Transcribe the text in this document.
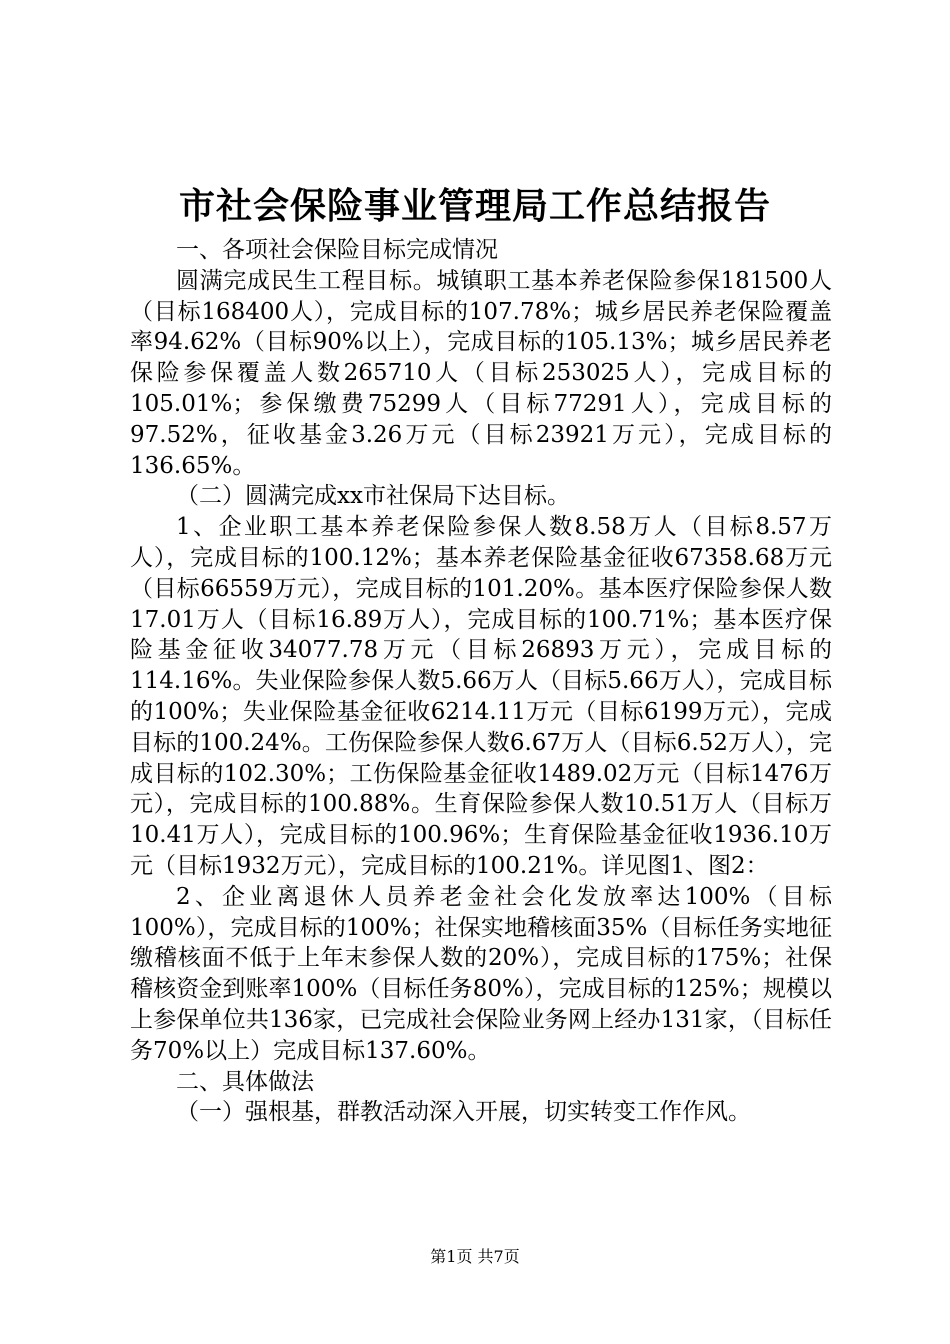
市社会保险事业管理局工作总结报告

一、各项社会保险目标完成情况

圆满完成民生工程目标。城镇职工基本养老保险参保181500人（目标168400人），完成目标的107.78%；城乡居民养老保险覆盖率94.62%（目标90%以上），完成目标的105.13%；城乡居民养老保险参保覆盖人数265710人（目标253025人），完成目标的105.01%；参保缴费75299人（目标77291人），完成目标的97.52%，征收基金3.26万元（目标23921万元），完成目标的136.65%。

（二）圆满完成xx市社保局下达目标。

1、企业职工基本养老保险参保人数8.58万人（目标8.57万人），完成目标的100.12%；基本养老保险基金征收67358.68万元（目标66559万元），完成目标的101.20%。基本医疗保险参保人数17.01万人（目标16.89万人），完成目标的100.71%；基本医疗保险基金征收34077.78万元（目标26893万元），完成目标的114.16%。失业保险参保人数5.66万人（目标5.66万人），完成目标的100%；失业保险基金征收6214.11万元（目标6199万元），完成目标的100.24%。工伤保险参保人数6.67万人（目标6.52万人），完成目标的102.30%；工伤保险基金征收1489.02万元（目标1476万元），完成目标的100.88%。生育保险参保人数10.51万人（目标万10.41万人），完成目标的100.96%；生育保险基金征收1936.10万元（目标1932万元），完成目标的100.21%。详见图1、图2：

2、企业离退休人员养老金社会化发放率达100%（目标100%），完成目标的100%；社保实地稽核面35%（目标任务实地征缴稽核面不低于上年末参保人数的20%），完成目标的175%；社保稽核资金到账率100%（目标任务80%），完成目标的125%；规模以上参保单位共136家，已完成社会保险业务网上经办131家，（目标任务70%以上）完成目标137.60%。

二、具体做法

（一）强根基，群教活动深入开展，切实转变工作作风。

第1页 共7页
